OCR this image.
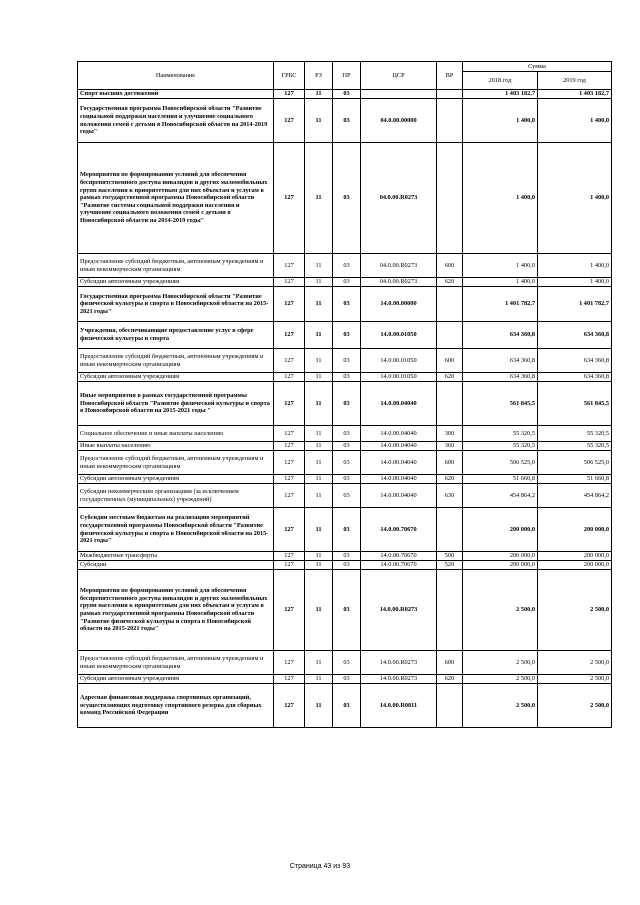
Наименование	ГРБС	РЗ	ПР	ЦСР	ВР	Сумма	
						2018 год	2019 год
Спорт высших достижений	127	11	03			1 403 182,7	1 403 182,7
Государственная программа Новосибирской области "Развитие социальной поддержки населения и улучшение социального положения семей с детьми в Новосибирской области на 2014-2019 годы"	127	11	03	04.0.00.00000		1 400,0	1 400,0
Мероприятия по формированию условий для обеспечения беспрепятственного доступа инвалидов и других маломобильных групп населения к приоритетным для них объектам и услугам в рамках государственной программы Новосибирской области "Развитие системы социальной поддержки населения и улучшение социального положения семей с детьми в Новосибирской области на 2014-2019 годы"	127	11	03	04.0.00.R0273		1 400,0	1 400,0
Предоставление субсидий бюджетным, автономным учреждениям и иным некоммерческим организациям	127	11	03	04.0.00.R0273	600	1 400,0	1 400,0
Субсидии автономным учреждениям	127	11	03	04.0.00.R0273	620	1 400,0	1 400,0
Государственная программа Новосибирской области "Развитие физической культуры и спорта в Новосибирской области на 2015-2021 годы"	127	11	03	14.0.00.00000		1 401 782,7	1 401 782,7
Учреждения, обеспечивающие предоставление услуг в сфере физической культуры и спорта	127	11	03	14.0.00.01050		634 360,8	634 360,8
Предоставление субсидий бюджетным, автономным учреждениям и иным некоммерческим организациям	127	11	03	14.0.00.01050	600	634 360,8	634 360,8
Субсидии автономным учреждениям	127	11	03	14.0.00.01050	620	634 360,8	634 360,8
Иные мероприятия в рамках государственной программы Новосибирской области "Развитие физической культуры и спорта в Новосибирской области на 2015-2021 годы "	127	11	03	14.0.00.04040		561 845,5	561 845,5
Социальное обеспечение и иные выплаты населению	127	11	03	14.0.00.04040	300	55 320,5	55 320,5
Иные выплаты населению	127	11	03	14.0.00.04040	360	55 320,5	55 320,5
Предоставление субсидий бюджетным, автономным учреждениям и иным некоммерческим организациям	127	11	03	14.0.00.04040	600	506 525,0	506 525,0
Субсидии автономным учреждениям	127	11	03	14.0.00.04040	620	51 660,8	51 660,8
Субсидии некоммерческим организациям (за исключением государственных (муниципальных) учреждений)	127	11	03	14.0.00.04040	630	454 864,2	454 864,2
Субсидии местным бюджетам на реализацию мероприятий государственной программы Новосибирской области "Развитие физической культуры и спорта в Новосибирской области на 2015-2021 годы"	127	11	03	14.0.00.70670		200 000,0	200 000,0
Межбюджетные трансферты	127	11	03	14.0.00.70670	500	200 000,0	200 000,0
Субсидии	127	11	03	14.0.00.70670	520	200 000,0	200 000,0
Мероприятия по формированию условий для обеспечения беспрепятственного доступа инвалидов и других маломобильных групп населения к приоритетным для них объектам и услугам в рамках государственной программы Новосибирской области "Развитие физической культуры и спорта в Новосибирской области на 2015-2021 годы"	127	11	03	14.0.00.R0273		2 500,0	2 500,0
Предоставление субсидий бюджетным, автономным учреждениям и иным некоммерческим организациям	127	11	03	14.0.00.R0273	600	2 500,0	2 500,0
Субсидии автономным учреждениям	127	11	03	14.0.00.R0273	620	2 500,0	2 500,0
Адресная финансовая поддержка спортивных организаций, осуществляющих подготовку спортивного резерва для сборных команд Российской Федерации	127	11	03	14.0.00.R0811		2 500,0	2 500,0
Страница 43 из 93
